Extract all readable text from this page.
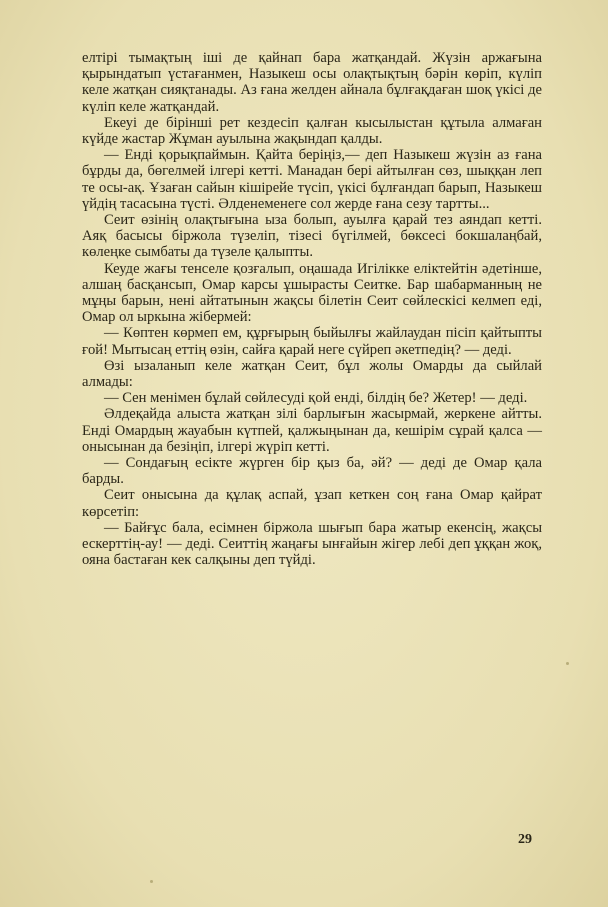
елтірі тымақтың іші де қайнап бара жатқандай. Жүзін аржағына қырындатып үстағанмен, Назыкеш осы олақтықтың бәрін көріп, күліп келе жатқан сияқтанады. Аз ғана желден айнала бұлғақдаған шоқ үкісі де күліп келе жатқандай.

Екеуі де бірінші рет кездесіп қалған кысылыстан құтыла алмаған күйде жастар Жұман ауылына жақындап қалды.

— Енді қорықпаймын. Қайта беріңіз,— деп Назыкеш жүзін аз ғана бұрды да, бөгелмей ілгері кетті. Манадан бері айтылған сөз, шыққан леп те осы-ақ. Ұзаған сайын кішірейе түсіп, үкісі бұлғандап барып, Назыкеш үйдің тасасына түсті. Әлденеменеге сол жерде ғана сезу тартты...

Сеит өзінің олақтығына ыза болып, ауылға қарай тез аяндап кетті. Аяқ басысы біржола түзеліп, тізесі бүгілмей, бөксесі бокшалаңбай, көлеңке сымбаты да түзеле қалыпты.

Кеуде жағы тенселе қозғалып, оңашада Игілікке еліктейтін әдетінше, алшаң басқансып, Омар карсы ұшырасты Сеитке. Бар шабарманның не мұңы барын, нені айтатынын жақсы білетін Сеит сөйлескісі келмеп еді, Омар ол ыркына жібермей:

— Көптен көрмеп ем, құрғырың быйылғы жайлаудан пісіп қайтыпты ғой! Мытысаң еттің өзін, сайға қарай неге сүйреп әкетпедің? — деді.

Өзі ызаланып келе жатқан Сеит, бұл жолы Омарды да сыйлай алмады:

— Сен менімен бұлай сөйлесуді қой енді, білдің бе? Жетер! — деді.

Әлдеқайда алыста жатқан зілі барлығын жасырмай, жеркене айтты. Енді Омардың жауабын күтпей, қалжыңынан да, кешірім сұрай қалса — онысынан да безіңіп, ілгері жүріп кетті.

— Сондағың есікте жүрген бір қыз ба, әй? — деді де Омар қала барды.

Сеит онысына да құлақ аспай, ұзап кеткен соң ғана Омар қайрат көрсетіп:

— Байғұс бала, есімнен біржола шығып бара жатыр екенсің, жақсы ескерттің-ау! — деді. Сеиттің жаңағы ынғайын жігер лебі деп ұққан жоқ, ояна бастаған кек салқыны деп түйді.

29
